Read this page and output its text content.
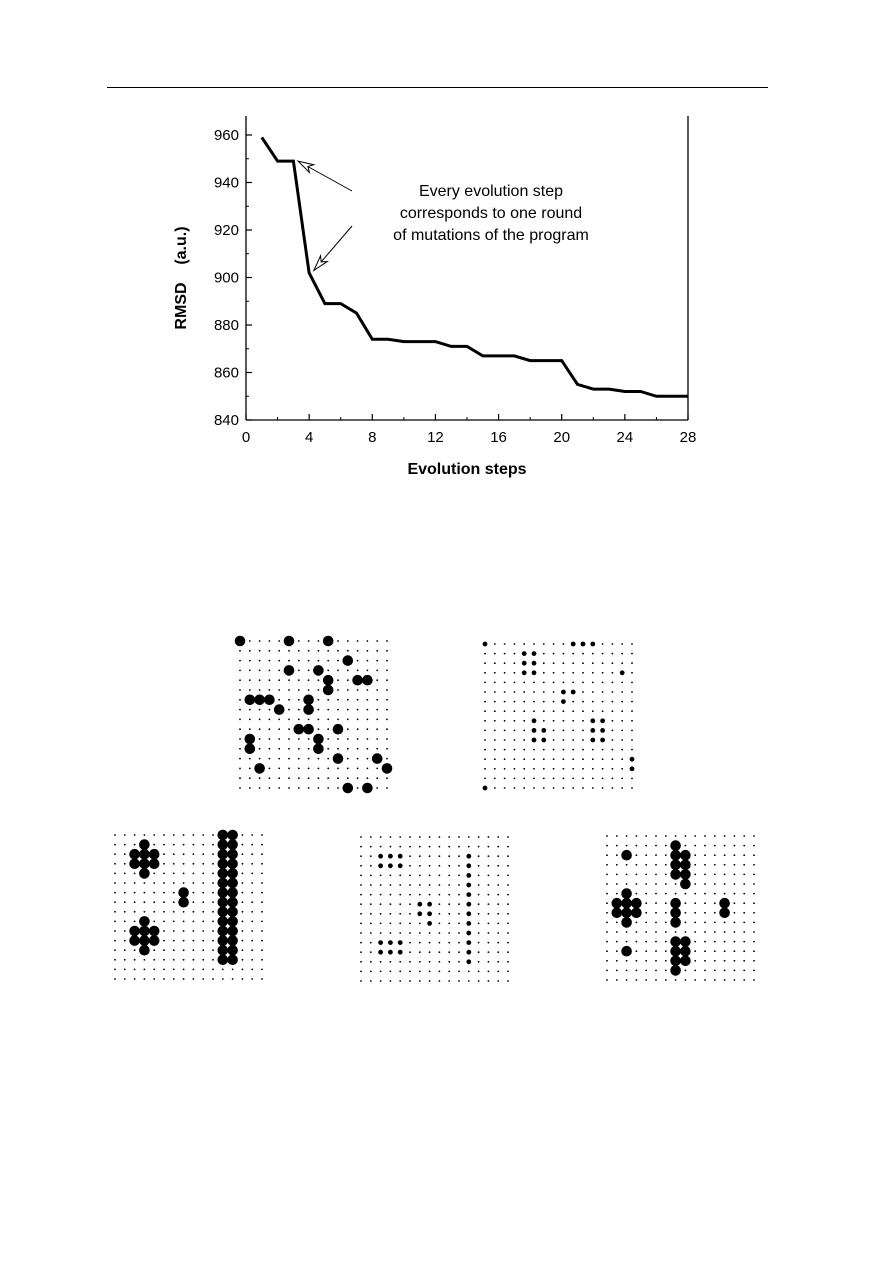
0	4	8	12	16	20	24	28
840
860
880
900
920
940
960
Evolution steps
RMSD    (a.u.)
Every evolution step
corresponds to one round
of mutations of the program
